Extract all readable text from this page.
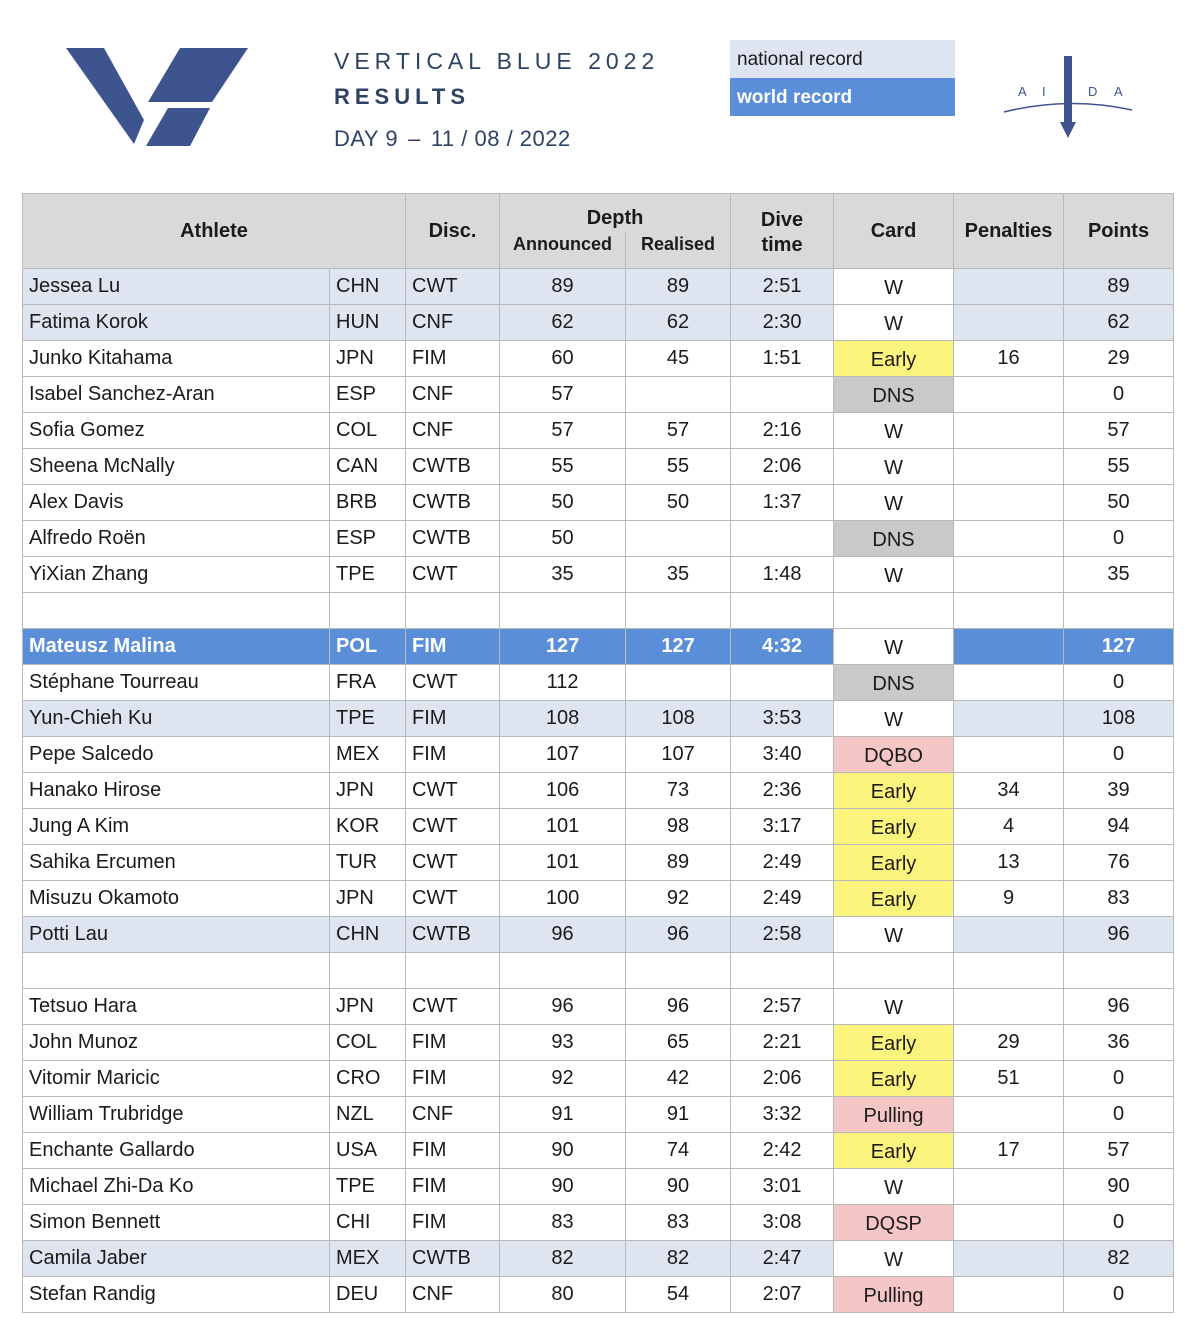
VERTICAL BLUE 2022
RESULTS
DAY 9 – 11 / 08 / 2022
national record
world record	A I	D A
Athlete		Disc.	Depth		Dive	Card	Penalties	Points
			Announced	Realised	time			
Jessea Lu	CHN	CWT	89	89	2:51	W		89
Fatima Korok	HUN	CNF	62	62	2:30	W		62
Junko Kitahama	JPN	FIM	60	45	1:51	Early	16	29
Isabel Sanchez-Aran	ESP	CNF	57			DNS		0
Sofia Gomez	COL	CNF	57	57	2:16	W		57
Sheena McNally	CAN	CWTB	55	55	2:06	W		55
Alex Davis	BRB	CWTB	50	50	1:37	W		50
Alfredo Roën	ESP	CWTB	50			DNS		0
YiXian Zhang	TPE	CWT	35	35	1:48	W		35

Mateusz Malina	POL	FIM	127	127	4:32	W		127
Stéphane Tourreau	FRA	CWT	112			DNS		0
Yun-Chieh Ku	TPE	FIM	108	108	3:53	W		108
Pepe Salcedo	MEX	FIM	107	107	3:40	DQBO		0
Hanako Hirose	JPN	CWT	106	73	2:36	Early	34	39
Jung A Kim	KOR	CWT	101	98	3:17	Early	4	94
Sahika Ercumen	TUR	CWT	101	89	2:49	Early	13	76
Misuzu Okamoto	JPN	CWT	100	92	2:49	Early	9	83
Potti Lau	CHN	CWTB	96	96	2:58	W		96

Tetsuo Hara	JPN	CWT	96	96	2:57	W		96
John Munoz	COL	FIM	93	65	2:21	Early	29	36
Vitomir Maricic	CRO	FIM	92	42	2:06	Early	51	0
William Trubridge	NZL	CNF	91	91	3:32	Pulling		0
Enchante Gallardo	USA	FIM	90	74	2:42	Early	17	57
Michael Zhi-Da Ko	TPE	FIM	90	90	3:01	W		90
Simon Bennett	CHI	FIM	83	83	3:08	DQSP		0
Camila Jaber	MEX	CWTB	82	82	2:47	W		82
Stefan Randig	DEU	CNF	80	54	2:07	Pulling		0
